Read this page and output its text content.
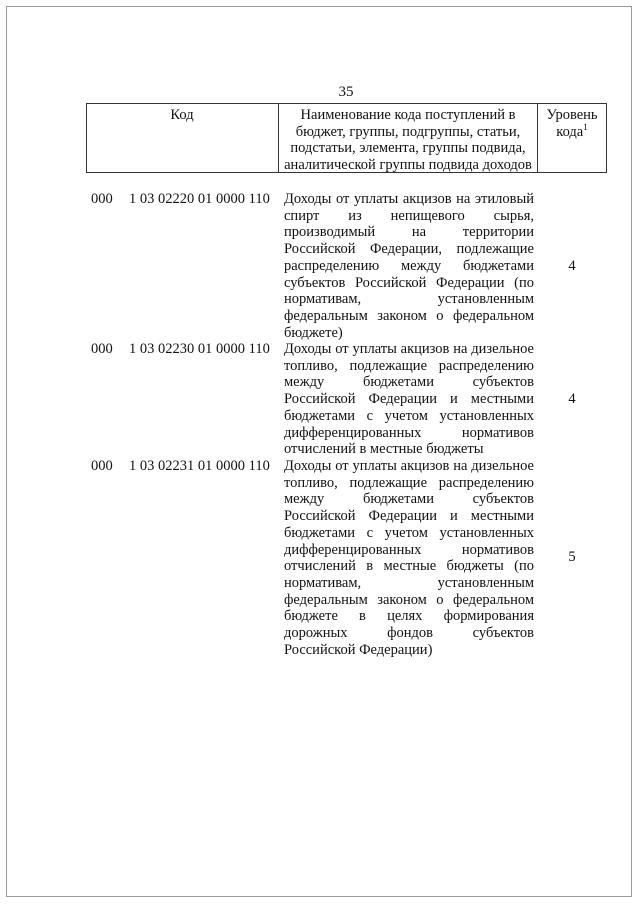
35
Код	Наименование кода поступлений в бюджет, группы, подгруппы, статьи, подстатьи, элемента, группы подвида, аналитической группы подвида доходов
Уровень кода$^1$
000 1 03 02220 01 0000 110 Доходы от уплаты акцизов на этиловый спирт из непищевого сырья, производимый на территории Российской Федерации, подлежащие распределению между бюджетами субъектов Российской Федерации (по нормативам, установленным федеральным законом о федеральном бюджете)
4
000 1 03 02230 01 0000 110 Доходы от уплаты акцизов на дизельное топливо, подлежащие распределению между бюджетами субъектов Российской Федерации и местными бюджетами с учетом установленных дифференцированных нормативов отчислений в местные бюджеты
4
000 1 03 02231 01 0000 110 Доходы от уплаты акцизов на дизельное топливо, подлежащие распределению между бюджетами субъектов Российской Федерации и местными бюджетами с учетом установленных дифференцированных нормативов отчислений в местные бюджеты (по нормативам, установленным федеральным законом о федеральном бюджете в целях формирования дорожных фондов субъектов Российской Федерации)
5
